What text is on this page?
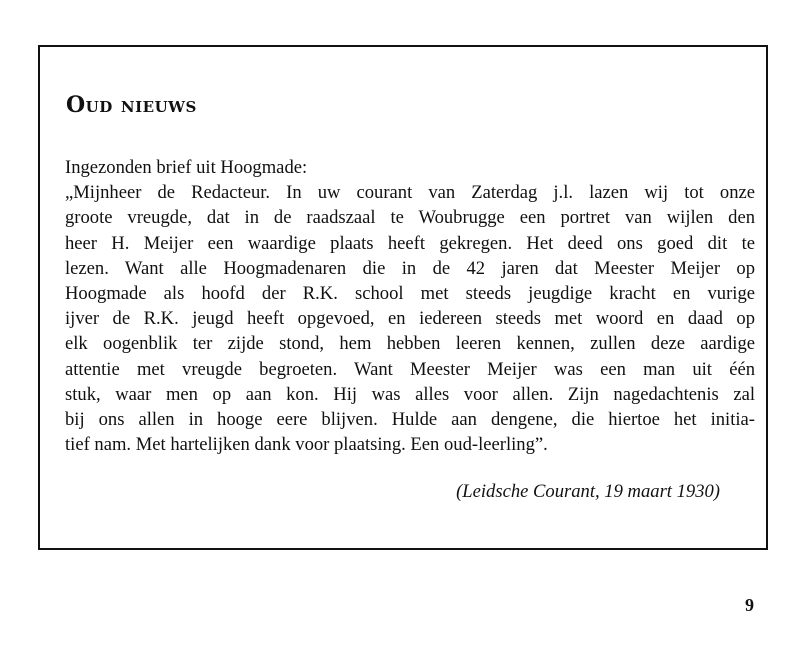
Oud nieuws
Ingezonden brief uit Hoogmade:
„Mijnheer de Redacteur. In uw courant van Zaterdag j.l. lazen wij tot onze
groote vreugde, dat in de raadszaal te Woubrugge een portret van wijlen den
heer H. Meijer een waardige plaats heeft gekregen. Het deed ons goed dit te
lezen. Want alle Hoogmadenaren die in de 42 jaren dat Meester Meijer op
Hoogmade als hoofd der R.K. school met steeds jeugdige kracht en vurige
ijver de R.K. jeugd heeft opgevoed, en iedereen steeds met woord en daad op
elk oogenblik ter zijde stond, hem hebben leeren kennen, zullen deze aardige
attentie met vreugde begroeten. Want Meester Meijer was een man uit één
stuk, waar men op aan kon. Hij was alles voor allen. Zijn nagedachtenis zal
bij ons allen in hooge eere blijven. Hulde aan dengene, die hiertoe het initia-
tief nam. Met hartelijken dank voor plaatsing. Een oud-leerling”.
(Leidsche Courant, 19 maart 1930)
9
